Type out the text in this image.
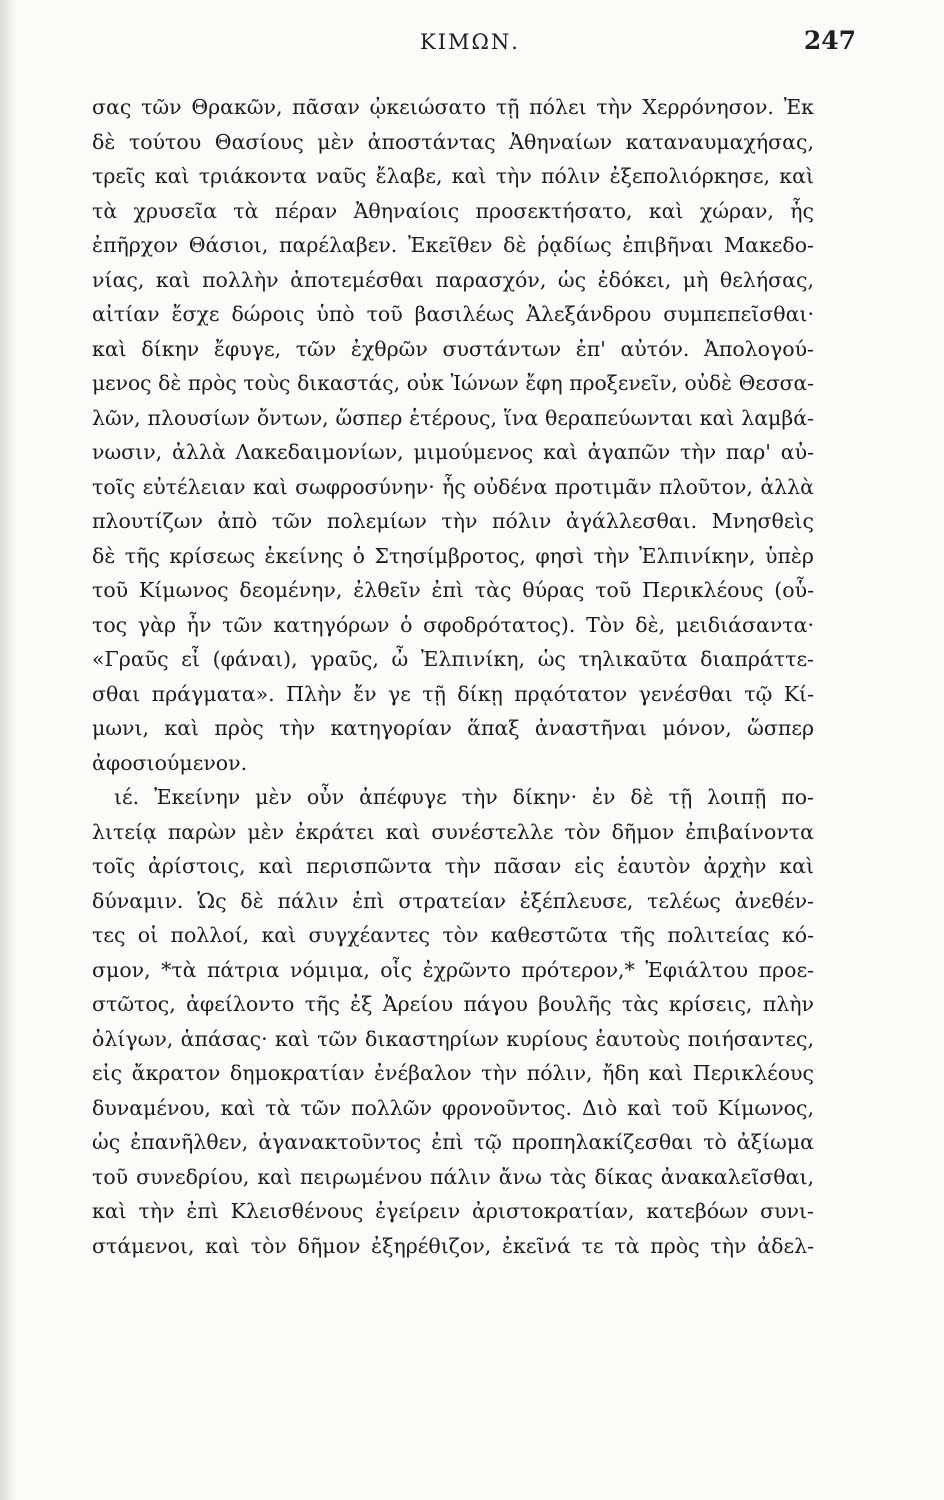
ΚΙΜΩΝ.	247
σας τῶν Θρακῶν, πᾶσαν ᾠκειώσατο τῇ πόλει τὴν Χερρόνησον. Ἐκ
δὲ τούτου Θασίους μὲν ἀποστάντας Ἀθηναίων καταναυμαχήσας,
τρεῖς καὶ τριάκοντα ναῦς ἔλαβε, καὶ τὴν πόλιν ἐξεπολιόρκησε, καὶ
τὰ χρυσεῖα τὰ πέραν Ἀθηναίοις προσεκτήσατο, καὶ χώραν, ἧς
ἐπῆρχον Θάσιοι, παρέλαβεν. Ἐκεῖθεν δὲ ῥᾳδίως ἐπιβῆναι Μακεδο-
νίας, καὶ πολλὴν ἀποτεμέσθαι παρασχόν, ὡς ἐδόκει, μὴ θελήσας,
αἰτίαν ἔσχε δώροις ὑπὸ τοῦ βασιλέως Ἀλεξάνδρου συμπεπεῖσθαι·
καὶ δίκην ἔφυγε, τῶν ἐχθρῶν συστάντων ἐπ' αὐτόν. Ἀπολογού-
μενος δὲ πρὸς τοὺς δικαστάς, οὐκ Ἰώνων ἔφη προξενεῖν, οὐδὲ Θεσσα-
λῶν, πλουσίων ὄντων, ὥσπερ ἑτέρους, ἵνα θεραπεύωνται καὶ λαμβά-
νωσιν, ἀλλὰ Λακεδαιμονίων, μιμούμενος καὶ ἀγαπῶν τὴν παρ' αὐ-
τοῖς εὐτέλειαν καὶ σωφροσύνην· ἧς οὐδένα προτιμᾶν πλοῦτον, ἀλλὰ
πλουτίζων ἀπὸ τῶν πολεμίων τὴν πόλιν ἀγάλλεσθαι. Μνησθεὶς
δὲ τῆς κρίσεως ἐκείνης ὁ Στησίμβροτος, φησὶ τὴν Ἐλπινίκην, ὑπὲρ
τοῦ Κίμωνος δεομένην, ἐλθεῖν ἐπὶ τὰς θύρας τοῦ Περικλέους (οὗ-
τος γὰρ ἦν τῶν κατηγόρων ὁ σφοδρότατος). Τὸν δὲ, μειδιάσαντα·
«Γραῦς εἶ (φάναι), γραῦς, ὦ Ἐλπινίκη, ὡς τηλικαῦτα διαπράττε-
σθαι πράγματα». Πλὴν ἔν γε τῇ δίκῃ πρᾳότατον γενέσθαι τῷ Κί-
μωνι, καὶ πρὸς τὴν κατηγορίαν ἅπαξ ἀναστῆναι μόνον, ὥσπερ
ἀφοσιούμενον.
ιέ. Ἐκείνην μὲν οὖν ἀπέφυγε τὴν δίκην· ἐν δὲ τῇ λοιπῇ πο-
λιτείᾳ παρὼν μὲν ἐκράτει καὶ συνέστελλε τὸν δῆμον ἐπιβαίνοντα
τοῖς ἀρίστοις, καὶ περισπῶντα τὴν πᾶσαν εἰς ἑαυτὸν ἀρχὴν καὶ
δύναμιν. Ὡς δὲ πάλιν ἐπὶ στρατείαν ἐξέπλευσε, τελέως ἀνεθέν-
τες οἱ πολλοί, καὶ συγχέαντες τὸν καθεστῶτα τῆς πολιτείας κό-
σμον, *τὰ πάτρια νόμιμα, οἷς ἐχρῶντο πρότερον,* Ἐφιάλτου προε-
στῶτος, ἀφείλοντο τῆς ἐξ Ἀρείου πάγου βουλῆς τὰς κρίσεις, πλὴν
ὀλίγων, ἁπάσας· καὶ τῶν δικαστηρίων κυρίους ἑαυτοὺς ποιήσαντες,
εἰς ἄκρατον δημοκρατίαν ἐνέβαλον τὴν πόλιν, ἤδη καὶ Περικλέους
δυναμένου, καὶ τὰ τῶν πολλῶν φρονοῦντος. Διὸ καὶ τοῦ Κίμωνος,
ὡς ἐπανῆλθεν, ἀγανακτοῦντος ἐπὶ τῷ προπηλακίζεσθαι τὸ ἀξίωμα
τοῦ συνεδρίου, καὶ πειρωμένου πάλιν ἄνω τὰς δίκας ἀνακαλεῖσθαι,
καὶ τὴν ἐπὶ Κλεισθένους ἐγείρειν ἀριστοκρατίαν, κατεβόων συνι-
στάμενοι, καὶ τὸν δῆμον ἐξηρέθιζον, ἐκεῖνά τε τὰ πρὸς τὴν ἀδελ-
